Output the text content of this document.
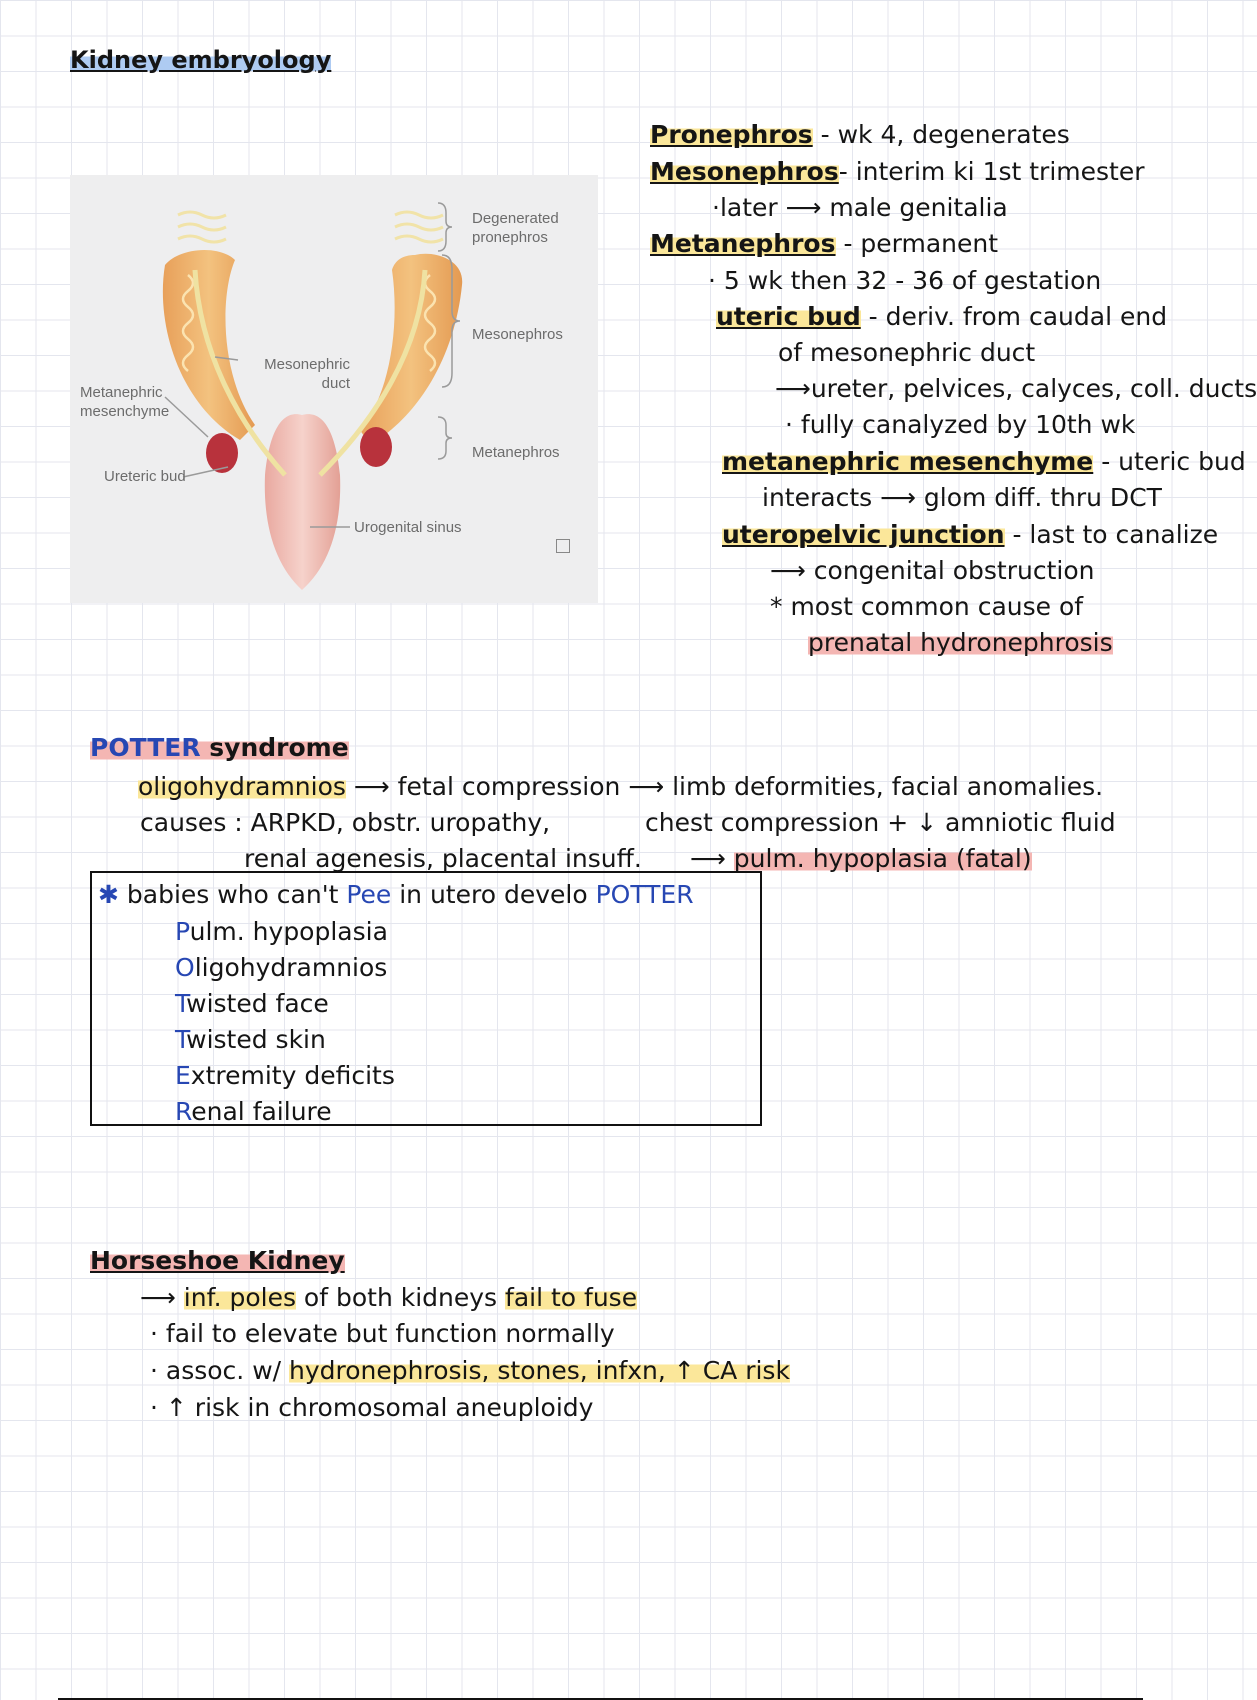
Kidney embryology
Degenerated
pronephros
Mesonephros
Metanephros
Mesonephric
duct
Metanephric
mesenchyme
Ureteric bud
Urogenital sinus
Pronephros - wk 4, degenerates
Mesonephros- interim ki 1st trimester
·later ⟶ male genitalia
Metanephros - permanent
· 5 wk then 32 - 36 of gestation
uteric bud - deriv. from caudal end
of mesonephric duct
⟶ureter, pelvices, calyces, coll. ducts
· fully canalyzed by 10th wk
metanephric mesenchyme - uteric bud
interacts ⟶ glom diff. thru DCT
uteropelvic junction - last to canalize
⟶ congenital obstruction
* most common cause of
prenatal hydronephrosis
POTTER syndrome
oligohydramnios ⟶ fetal compression ⟶ limb deformities, facial anomalies.
causes : ARPKD, obstr. uropathy,	chest compression + ↓ amniotic fluid
renal agenesis, placental insuff. ⟶ pulm. hypoplasia (fatal)
✱ babies who can't Pee in utero develo POTTER
Pulm. hypoplasia
Oligohydramnios
Twisted face
Twisted skin
Extremity deficits
Renal failure
Horseshoe Kidney
⟶ inf. poles of both kidneys fail to fuse
· fail to elevate but function normally
· assoc. w/ hydronephrosis, stones, infxn, ↑ CA risk
· ↑ risk in chromosomal aneuploidy
